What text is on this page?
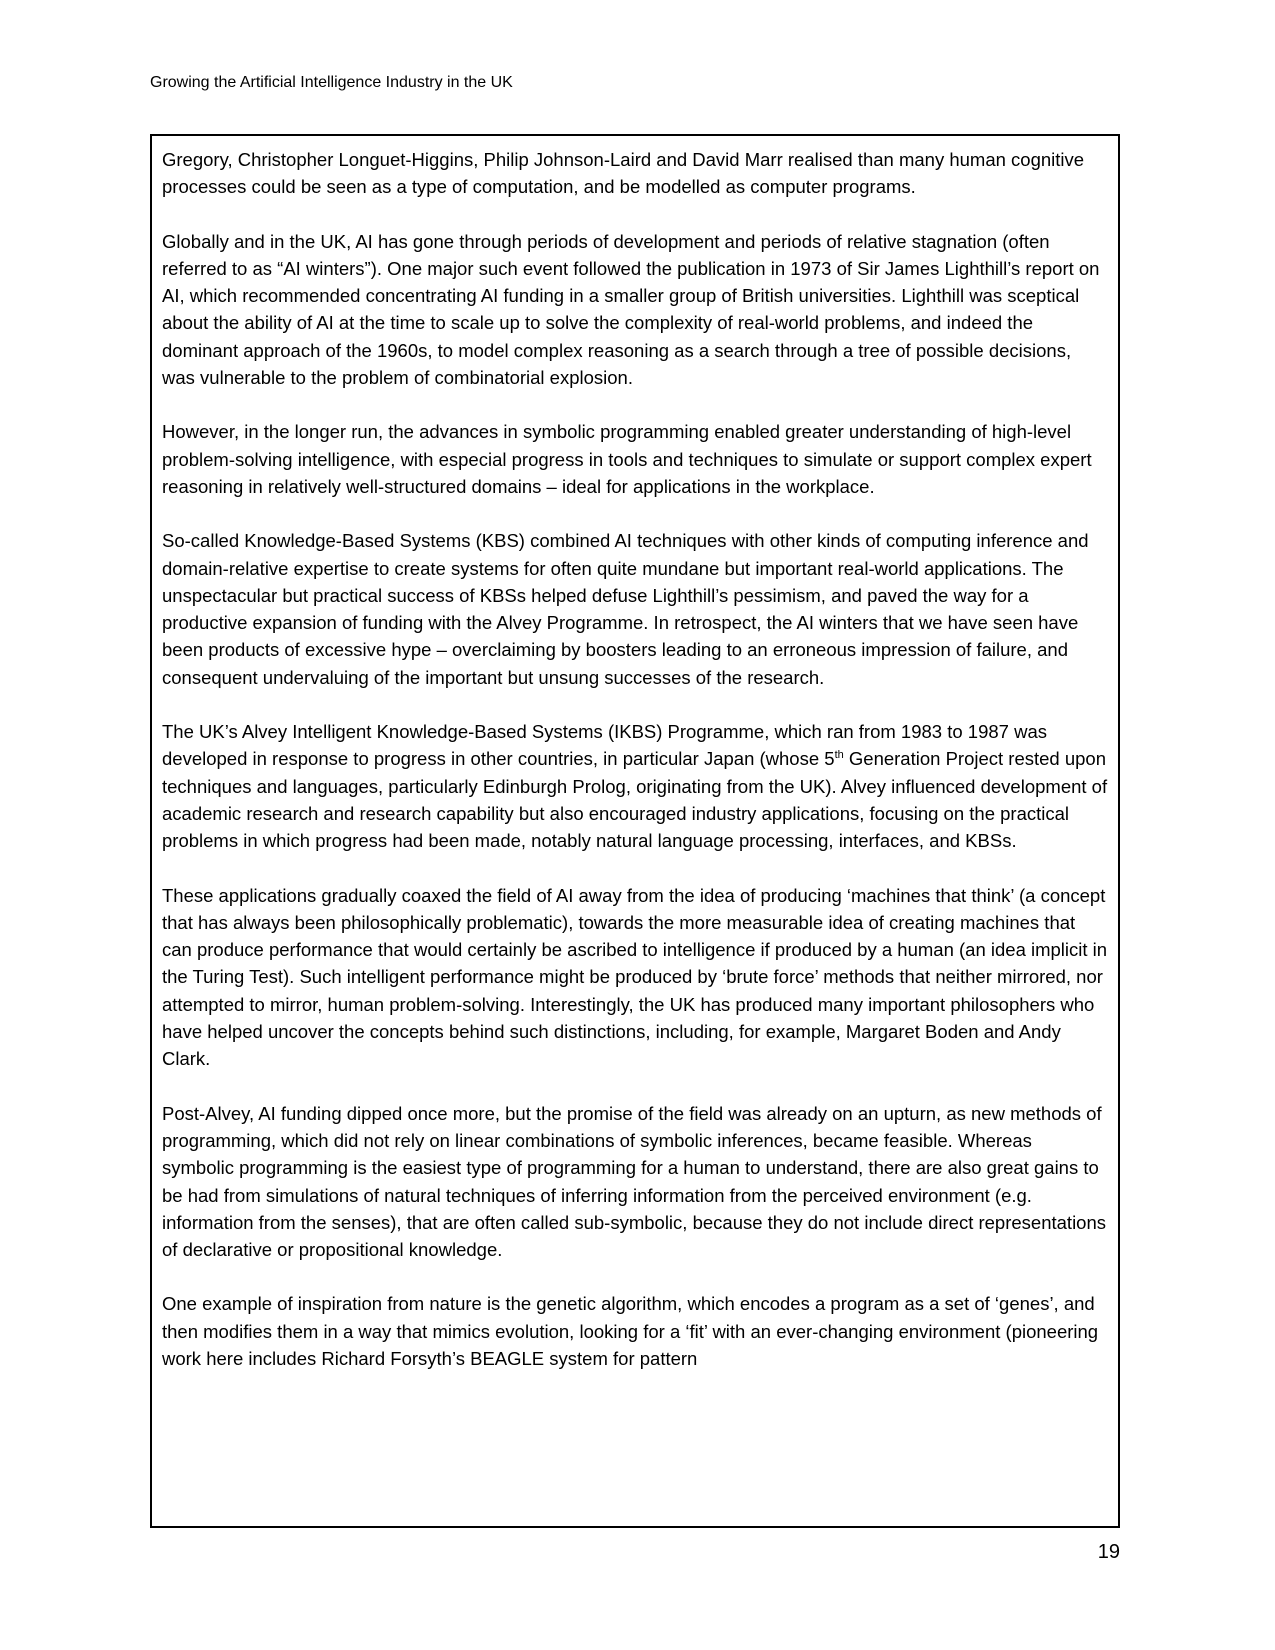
Growing the Artificial Intelligence Industry in the UK

Gregory, Christopher Longuet-Higgins, Philip Johnson-Laird and David Marr realised than many human cognitive processes could be seen as a type of computation, and be modelled as computer programs.

Globally and in the UK, AI has gone through periods of development and periods of relative stagnation (often referred to as “AI winters”). One major such event followed the publication in 1973 of Sir James Lighthill’s report on AI, which recommended concentrating AI funding in a smaller group of British universities. Lighthill was sceptical about the ability of AI at the time to scale up to solve the complexity of real-world problems, and indeed the dominant approach of the 1960s, to model complex reasoning as a search through a tree of possible decisions, was vulnerable to the problem of combinatorial explosion.

However, in the longer run, the advances in symbolic programming enabled greater understanding of high-level problem-solving intelligence, with especial progress in tools and techniques to simulate or support complex expert reasoning in relatively well-structured domains – ideal for applications in the workplace.

So-called Knowledge-Based Systems (KBS) combined AI techniques with other kinds of computing inference and domain-relative expertise to create systems for often quite mundane but important real-world applications. The unspectacular but practical success of KBSs helped defuse Lighthill’s pessimism, and paved the way for a productive expansion of funding with the Alvey Programme. In retrospect, the AI winters that we have seen have been products of excessive hype – overclaiming by boosters leading to an erroneous impression of failure, and consequent undervaluing of the important but unsung successes of the research.

The UK’s Alvey Intelligent Knowledge-Based Systems (IKBS) Programme, which ran from 1983 to 1987 was developed in response to progress in other countries, in particular Japan (whose 5th Generation Project rested upon techniques and languages, particularly Edinburgh Prolog, originating from the UK). Alvey influenced development of academic research and research capability but also encouraged industry applications, focusing on the practical problems in which progress had been made, notably natural language processing, interfaces, and KBSs.

These applications gradually coaxed the field of AI away from the idea of producing ‘machines that think’ (a concept that has always been philosophically problematic), towards the more measurable idea of creating machines that can produce performance that would certainly be ascribed to intelligence if produced by a human (an idea implicit in the Turing Test). Such intelligent performance might be produced by ‘brute force’ methods that neither mirrored, nor attempted to mirror, human problem-solving. Interestingly, the UK has produced many important philosophers who have helped uncover the concepts behind such distinctions, including, for example, Margaret Boden and Andy Clark.

Post-Alvey, AI funding dipped once more, but the promise of the field was already on an upturn, as new methods of programming, which did not rely on linear combinations of symbolic inferences, became feasible. Whereas symbolic programming is the easiest type of programming for a human to understand, there are also great gains to be had from simulations of natural techniques of inferring information from the perceived environment (e.g. information from the senses), that are often called sub-symbolic, because they do not include direct representations of declarative or propositional knowledge.

One example of inspiration from nature is the genetic algorithm, which encodes a program as a set of ‘genes’, and then modifies them in a way that mimics evolution, looking for a ‘fit’ with an ever-changing environment (pioneering work here includes Richard Forsyth’s BEAGLE system for pattern

19
